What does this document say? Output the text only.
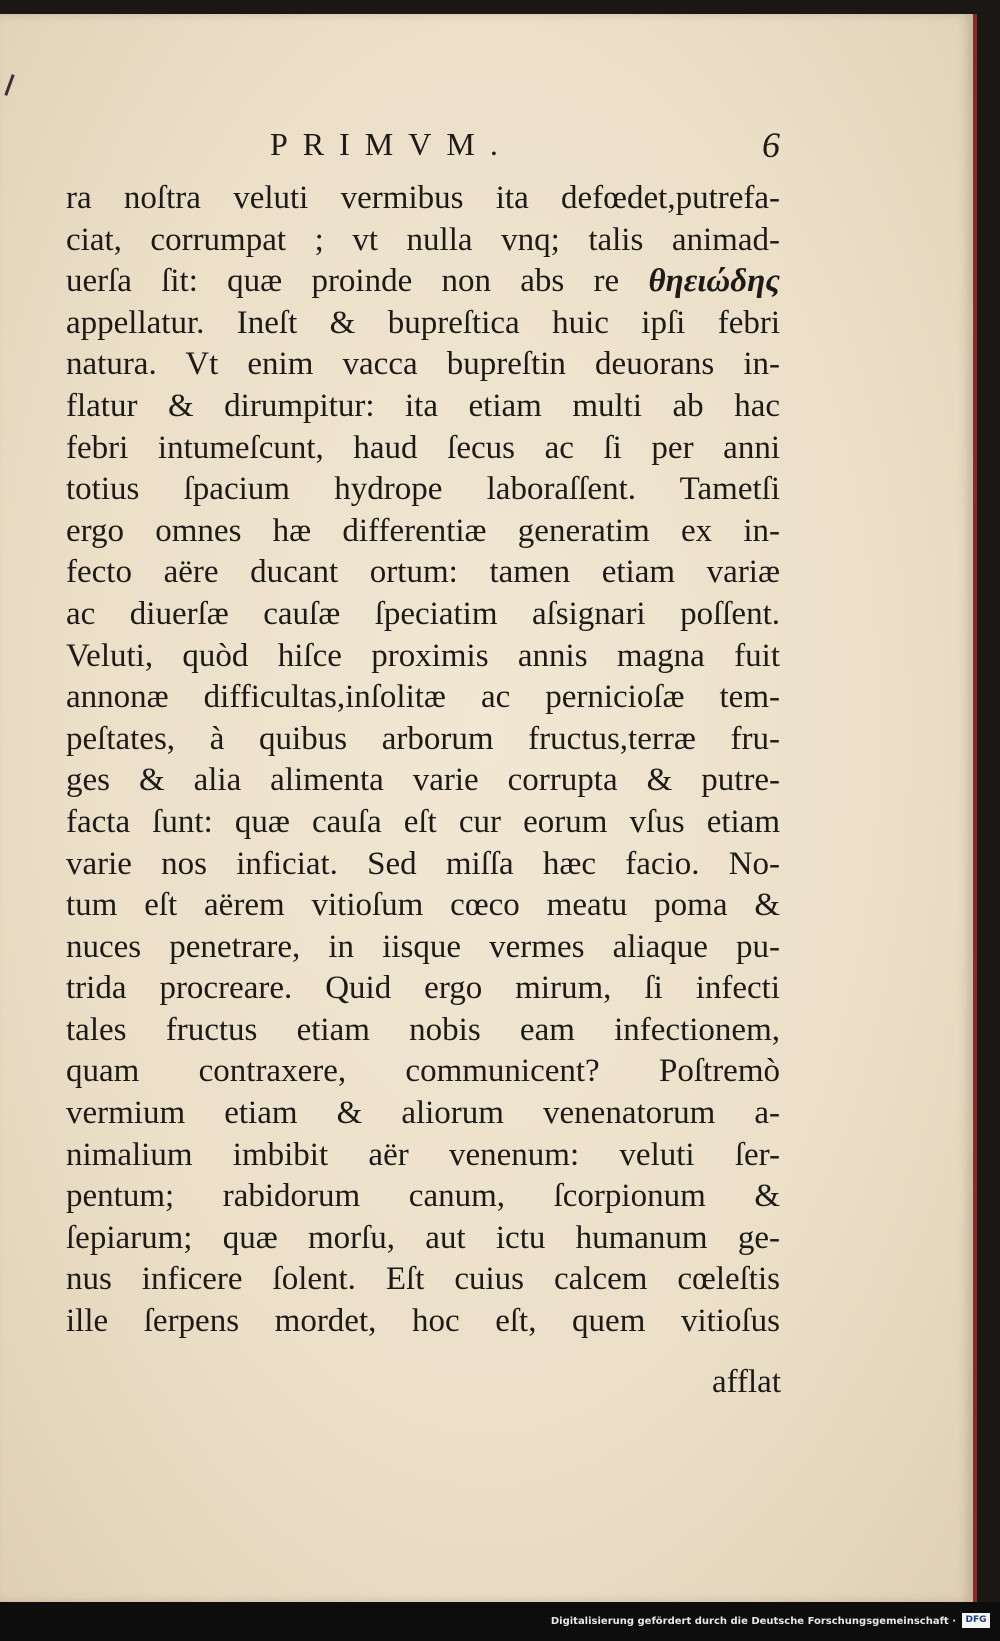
PRIMVM.	6
ra noſtra veluti vermibus ita defœdet,putrefa-
ciat, corrumpat ; vt nulla vnq; talis animad-
uerſa ſit: quæ proinde non abs re θηειώδης
appellatur. Ineſt & bupreſtica huic ipſi febri
natura. Vt enim vacca bupreſtin deuorans in-
flatur & dirumpitur: ita etiam multi ab hac
febri intumeſcunt, haud ſecus ac ſi per anni
totius ſpacium hydrope laboraſſent. Tametſi
ergo omnes hæ differentiæ generatim ex in-
fecto aëre ducant ortum: tamen etiam variæ
ac diuerſæ cauſæ ſpeciatim aſsignari poſſent.
Veluti, quòd hiſce proximis annis magna fuit
annonæ difficultas,inſolitæ ac pernicioſæ tem-
peſtates, à quibus arborum fructus,terræ fru-
ges & alia alimenta varie corrupta & putre-
facta ſunt: quæ cauſa eſt cur eorum vſus etiam
varie nos inficiat. Sed miſſa hæc facio. No-
tum eſt aërem vitioſum cœco meatu poma &
nuces penetrare, in iisque vermes aliaque pu-
trida procreare. Quid ergo mirum, ſi infecti
tales fructus etiam nobis eam infectionem,
quam contraxere, communicent? Poſtremò
vermium etiam & aliorum venenatorum a-
nimalium imbibit aër venenum: veluti ſer-
pentum; rabidorum canum, ſcorpionum &
ſepiarum; quæ morſu, aut ictu humanum ge-
nus inficere ſolent. Eſt cuius calcem cœleſtis
ille ſerpens mordet, hoc eſt, quem vitioſus
afflat
Digitalisierung gefördert durch die Deutsche Forschungsgemeinschaft ·	DFG
